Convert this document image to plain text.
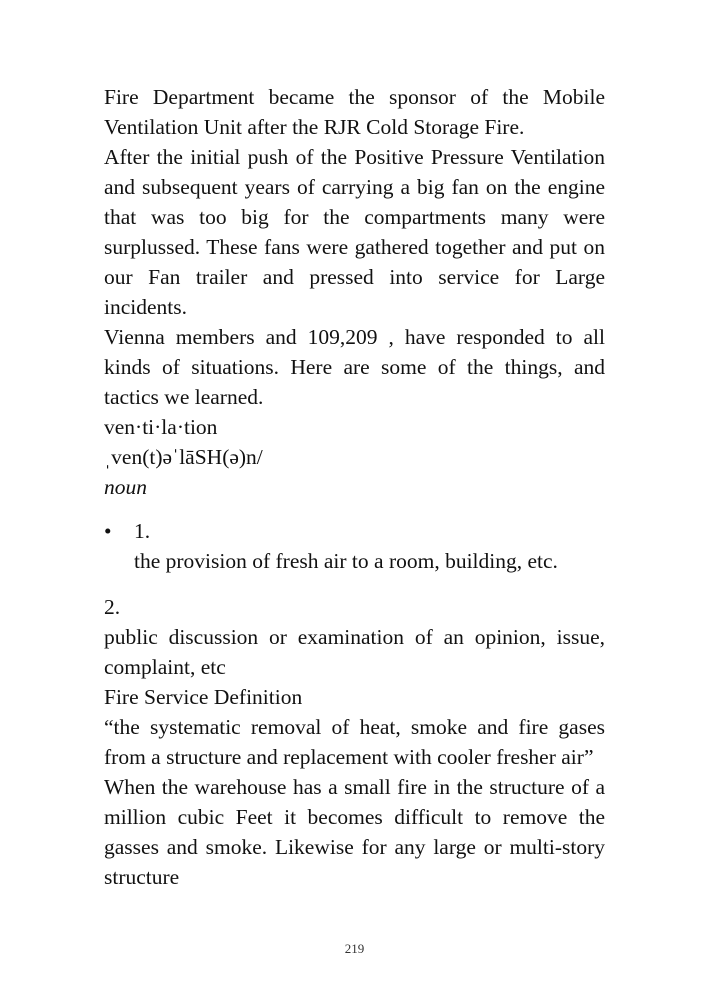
Fire Department became the sponsor of the Mobile Ventilation Unit after the RJR Cold Storage Fire.

After the initial push of the Positive Pressure Ventilation and subsequent years of carrying a big fan on the engine that was too big for the compartments many were surplussed. These fans were gathered together and put on our Fan trailer and pressed into service for Large incidents.

Vienna members and 109,209 , have responded to all kinds of situations. Here are some of the things, and tactics we learned.

ven·ti·la·tion

ˌven(t)əˈlāSH(ə)n/

noun

• 1.

the provision of fresh air to a room, building, etc.

2.

public discussion or examination of an opinion, issue, complaint, etc

Fire Service Definition

“the systematic removal of heat, smoke and fire gases from a structure and replacement with cooler fresher air”

When the warehouse has a small fire in the structure of a million cubic Feet it becomes difficult to remove the gasses and smoke. Likewise for any large or multi-story structure

219
